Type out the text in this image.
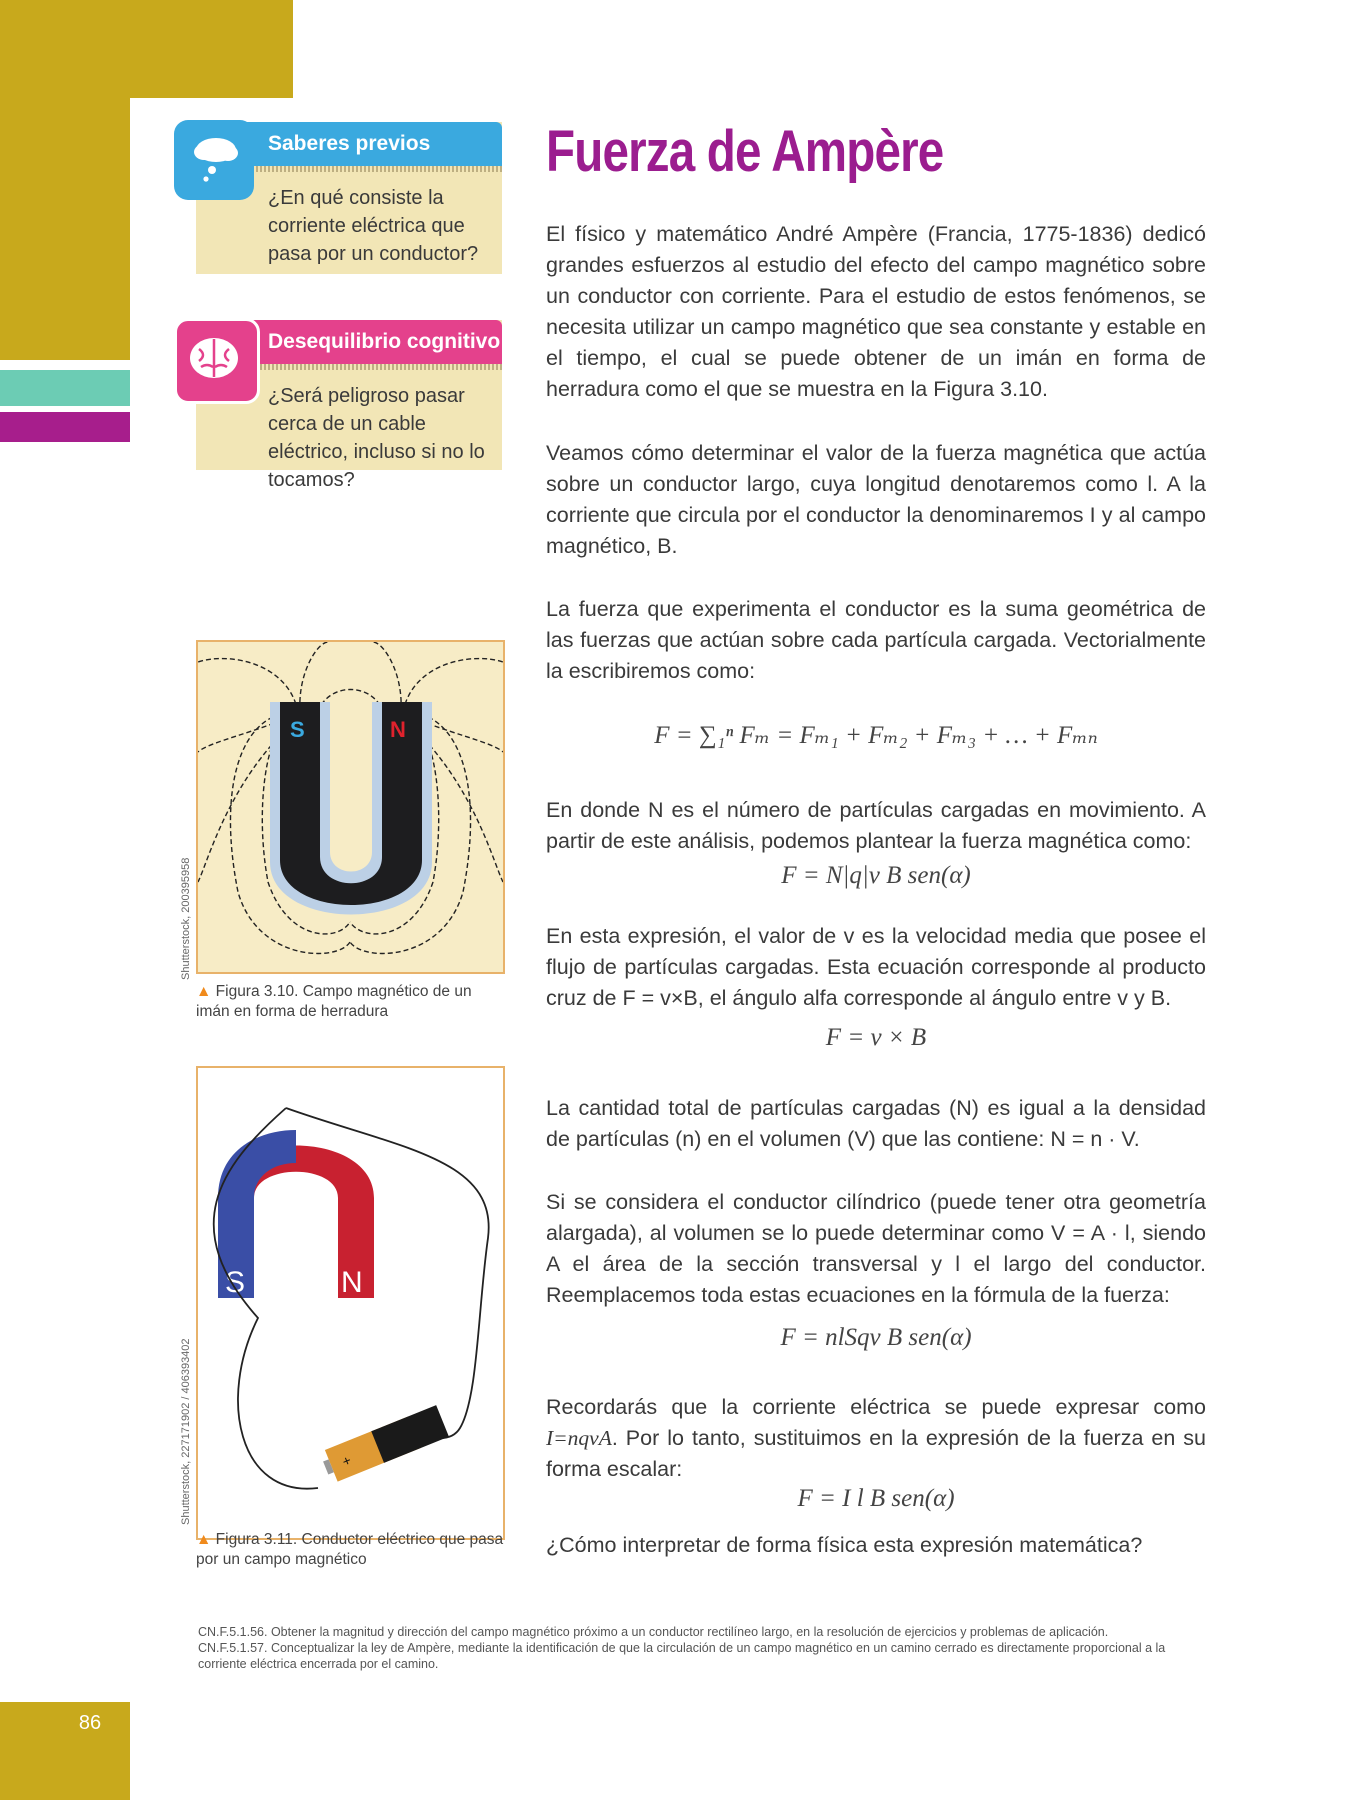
86
Saberes previos
¿En qué consiste la corriente eléctrica que pasa por un conductor?
Desequilibrio cognitivo
¿Será peligroso pasar cerca de un cable eléctrico, incluso si no lo tocamos?
Fuerza de Ampère
El físico y matemático André Ampère (Francia, 1775-1836) dedicó grandes esfuerzos al estudio del efecto del campo magnético sobre un conductor con corriente. Para el estudio de estos fenómenos, se necesita utilizar un campo magnético que sea constante y estable en el tiempo, el cual se puede obtener de un imán en forma de herradura como el que se muestra en la Figura 3.10.
Veamos cómo determinar el valor de la fuerza magnética que actúa sobre un conductor largo, cuya longitud denotaremos como l. A la corriente que circula por el conductor la denominaremos I y al campo magnético, B.
La fuerza que experimenta el conductor es la suma geométrica de las fuerzas que actúan sobre cada partícula cargada. Vectorialmente la escribiremos como:
F = ∑₁ⁿ Fₘ = Fₘ₁ + Fₘ₂ + Fₘ₃ + … + Fₘₙ
En donde N es el número de partículas cargadas en movimiento. A partir de este análisis, podemos plantear la fuerza magnética como:
F = N|q|v B sen(α)
En esta expresión, el valor de v es la velocidad media que posee el flujo de partículas cargadas. Esta ecuación corresponde al producto cruz de F = v×B, el ángulo alfa corresponde al ángulo entre v y B.
F = v × B
La cantidad total de partículas cargadas (N) es igual a la densidad de partículas (n) en el volumen (V) que las contiene: N = n · V.
Si se considera el conductor cilíndrico (puede tener otra geometría alargada), al volumen se lo puede determinar como V = A · l, siendo A el área de la sección transversal y l el largo del conductor. Reemplacemos toda estas ecuaciones en la fórmula de la fuerza:
F = nlSqv B sen(α)
Recordarás que la corriente eléctrica se puede expresar como I=nqvA. Por lo tanto, sustituimos en la expresión de la fuerza en su forma escalar:
F = I l B sen(α)
¿Cómo interpretar de forma física esta expresión matemática?
S	N
Shutterstock, 200395958
▲ Figura 3.10. Campo magnético de un imán en forma de herradura
S	N
+
Shutterstock, 227171902 / 406393402
▲ Figura 3.11. Conductor eléctrico que pasa por un campo magnético
CN.F.5.1.56. Obtener la magnitud y dirección del campo magnético próximo a un conductor rectilíneo largo, en la resolución de ejercicios y problemas de aplicación.
CN.F.5.1.57. Conceptualizar la ley de Ampère, mediante la identificación de que la circulación de un campo magnético en un camino cerrado es directamente proporcional a la corriente eléctrica encerrada por el camino.
